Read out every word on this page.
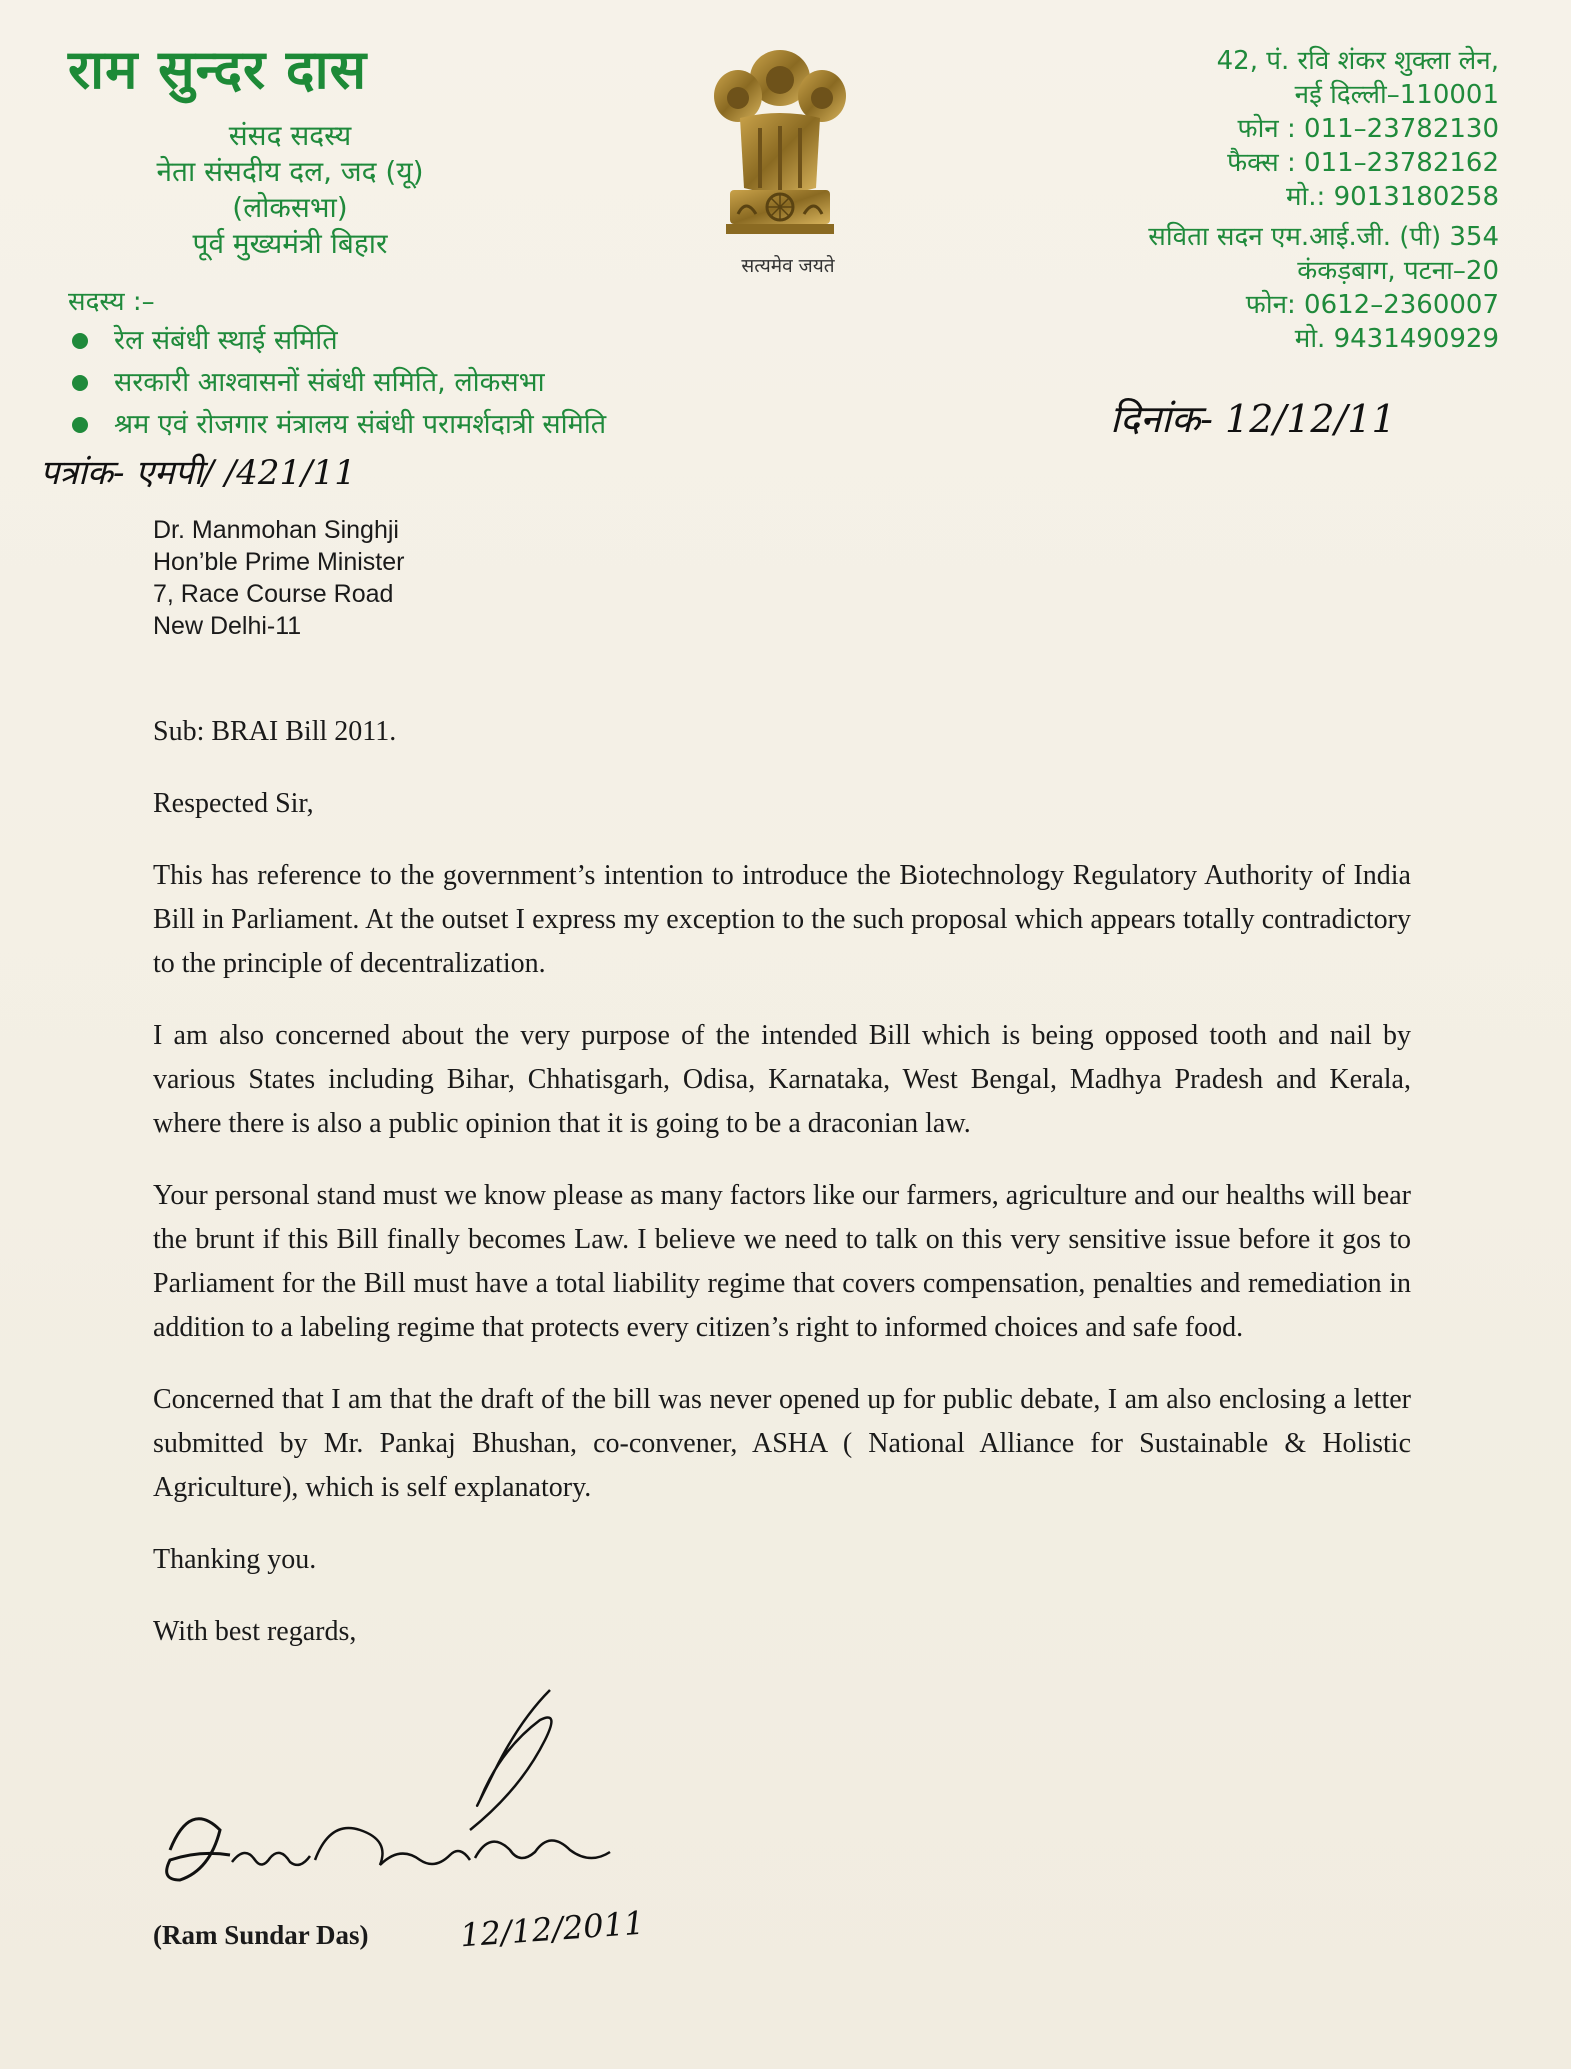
राम सुन्दर दास
संसद सदस्य
नेता संसदीय दल, जद (यू)
(लोकसभा)
पूर्व मुख्यमंत्री बिहार
सदस्य :–
रेल संबंधी स्थाई समिति
सरकारी आश्वासनों संबंधी समिति, लोकसभा
श्रम एवं रोजगार मंत्रालय संबंधी परामर्शदात्री समिति
सत्यमेव जयते
42, पं. रवि शंकर शुक्ला लेन,
नई दिल्ली–110001
फोन : 011–23782130
फैक्स : 011–23782162
मो.: 9013180258
सविता सदन एम.आई.जी. (पी) 354
कंकड़बाग, पटना–20
फोन: 0612–2360007
मो. 9431490929
पत्रांक- एमपी/ /421/11
दिनांक- 12/12/11
Dr. Manmohan Singhji
Hon’ble Prime Minister
7, Race Course Road
New Delhi-11

Sub: BRAI Bill 2011.

Respected Sir,

This has reference to the government’s intention to introduce the Biotechnology Regulatory Authority of India Bill in Parliament. At the outset I express my exception to the such proposal which appears totally contradictory to the principle of decentralization.

I am also concerned about the very purpose of the intended Bill which is being opposed tooth and nail by various States including Bihar, Chhatisgarh, Odisa, Karnataka, West Bengal, Madhya Pradesh and Kerala, where there is also a public opinion that it is going to be a draconian law.

Your personal stand must we know please as many factors like our farmers, agriculture and our healths will bear the brunt if this Bill finally becomes Law. I believe we need to talk on this very sensitive issue before it gos to Parliament for the Bill must have a total liability regime that covers compensation, penalties and remediation in addition to a labeling regime that protects every citizen’s right to informed choices and safe food.

Concerned that I am that the draft of the bill was never opened up for public debate, I am also enclosing a letter submitted by Mr. Pankaj Bhushan, co-convener, ASHA ( National Alliance for Sustainable & Holistic Agriculture), which is self explanatory.

Thanking you.

With best regards,

12/12/2011
(Ram Sundar Das)
